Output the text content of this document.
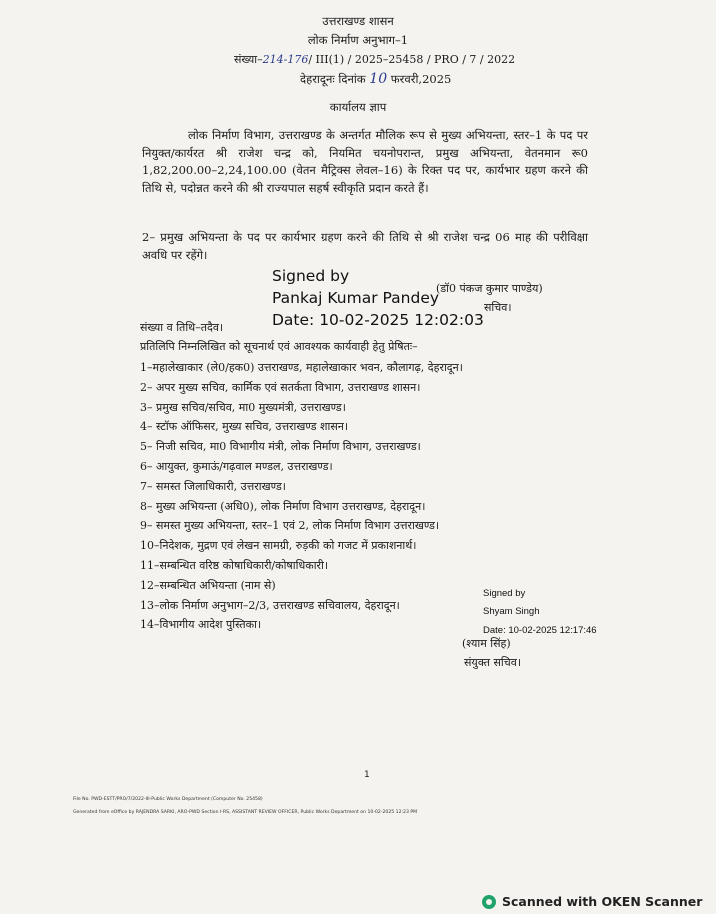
उत्तराखण्ड शासन
लोक निर्माण अनुभाग–1
संख्या–214-176/ III(1) / 2025–25458 / PRO / 7 / 2022
देहरादूनः दिनांक 10 फरवरी,2025
कार्यालय ज्ञाप
लोक निर्माण विभाग, उत्तराखण्ड के अन्तर्गत मौलिक रूप से मुख्य अभियन्ता, स्तर–1 के पद पर नियुक्त/कार्यरत श्री राजेश चन्द्र को, नियमित चयनोपरान्त, प्रमुख अभियन्ता, वेतनमान रू0 1,82,200.00–2,24,100.00 (वेतन मैट्रिक्स लेवल–16) के रिक्त पद पर, कार्यभार ग्रहण करने की तिथि से, पदोन्नत करने की श्री राज्यपाल सहर्ष स्वीकृति प्रदान करते हैं।
2– प्रमुख अभियन्ता के पद पर कार्यभार ग्रहण करने की तिथि से श्री राजेश चन्द्र 06 माह की परीविक्षा अवधि पर रहेंगे।
Signed by
Pankaj Kumar Pandey
Date: 10-02-2025 12:02:03
(डॉ0 पंकज कुमार पाण्डेय)
सचिव।
संख्या व तिथि–तदैव।
प्रतिलिपि निम्नलिखित को सूचनार्थ एवं आवश्यक कार्यवाही हेतु प्रेषितः–
1–महालेखाकार (ले0/हक0) उत्तराखण्ड, महालेखाकार भवन, कौलागढ़, देहरादून।
2– अपर मुख्य सचिव, कार्मिक एवं सतर्कता विभाग, उत्तराखण्ड शासन।
3– प्रमुख सचिव/सचिव, मा0 मुख्यमंत्री, उत्तराखण्ड।
4– स्टॉफ ऑफिसर, मुख्य सचिव, उत्तराखण्ड शासन।
5– निजी सचिव, मा0 विभागीय मंत्री, लोक निर्माण विभाग, उत्तराखण्ड।
6– आयुक्त, कुमाऊं/गढ़वाल मण्डल, उत्तराखण्ड।
7– समस्त जिलाधिकारी, उत्तराखण्ड।
8– मुख्य अभियन्ता (अधि0), लोक निर्माण विभाग उत्तराखण्ड, देहरादून।
9– समस्त मुख्य अभियन्ता, स्तर–1 एवं 2, लोक निर्माण विभाग उत्तराखण्ड।
10–निदेशक, मुद्रण एवं लेखन सामग्री, रुड़की को गजट में प्रकाशनार्थ।
11–सम्बन्धित वरिष्ठ कोषाधिकारी/कोषाधिकारी।
12–सम्बन्धित अभियन्ता (नाम से)
13–लोक निर्माण अनुभाग–2/3, उत्तराखण्ड सचिवालय, देहरादून।
14–विभागीय आदेश पुस्तिका।
Signed by
Shyam Singh
Date: 10-02-2025 12:17:46
(श्याम सिंह)
संयुक्त सचिव।
1
File No. PWD-ESTT/PRO/7/2022-III-Public Works Department (Computer No. 25458)
Generated from eOffice by RAJENDRA SARKI, ARO-PWD Section I-RS, ASSISTANT REVIEW OFFICER, Public Works Department on 10-02-2025 12:23 PM
Scanned with OKEN Scanner
